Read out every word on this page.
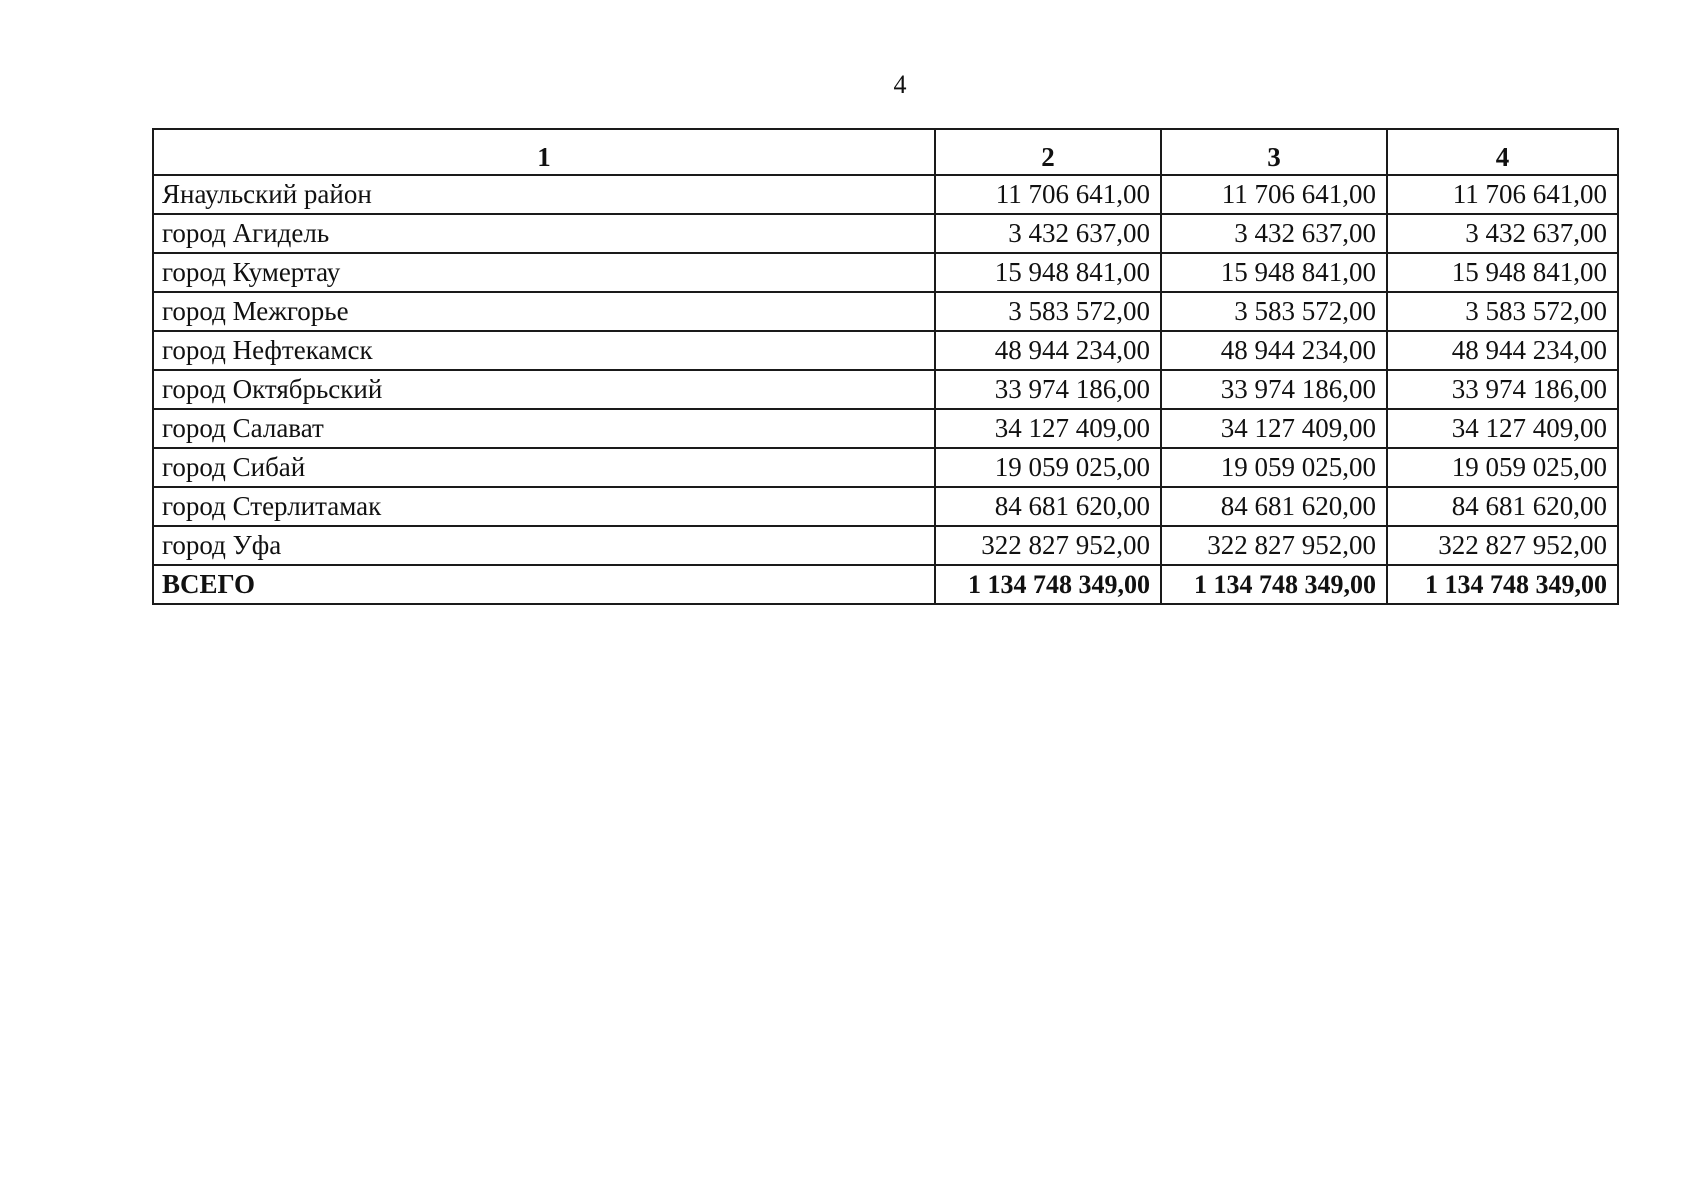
4
1	2	3	4
Янаульский район	11 706 641,00	11 706 641,00	11 706 641,00
город Агидель	3 432 637,00	3 432 637,00	3 432 637,00
город Кумертау	15 948 841,00	15 948 841,00	15 948 841,00
город Межгорье	3 583 572,00	3 583 572,00	3 583 572,00
город Нефтекамск	48 944 234,00	48 944 234,00	48 944 234,00
город Октябрьский	33 974 186,00	33 974 186,00	33 974 186,00
город Салават	34 127 409,00	34 127 409,00	34 127 409,00
город Сибай	19 059 025,00	19 059 025,00	19 059 025,00
город Стерлитамак	84 681 620,00	84 681 620,00	84 681 620,00
город Уфа	322 827 952,00	322 827 952,00	322 827 952,00
ВСЕГО	1 134 748 349,00	1 134 748 349,00	1 134 748 349,00
